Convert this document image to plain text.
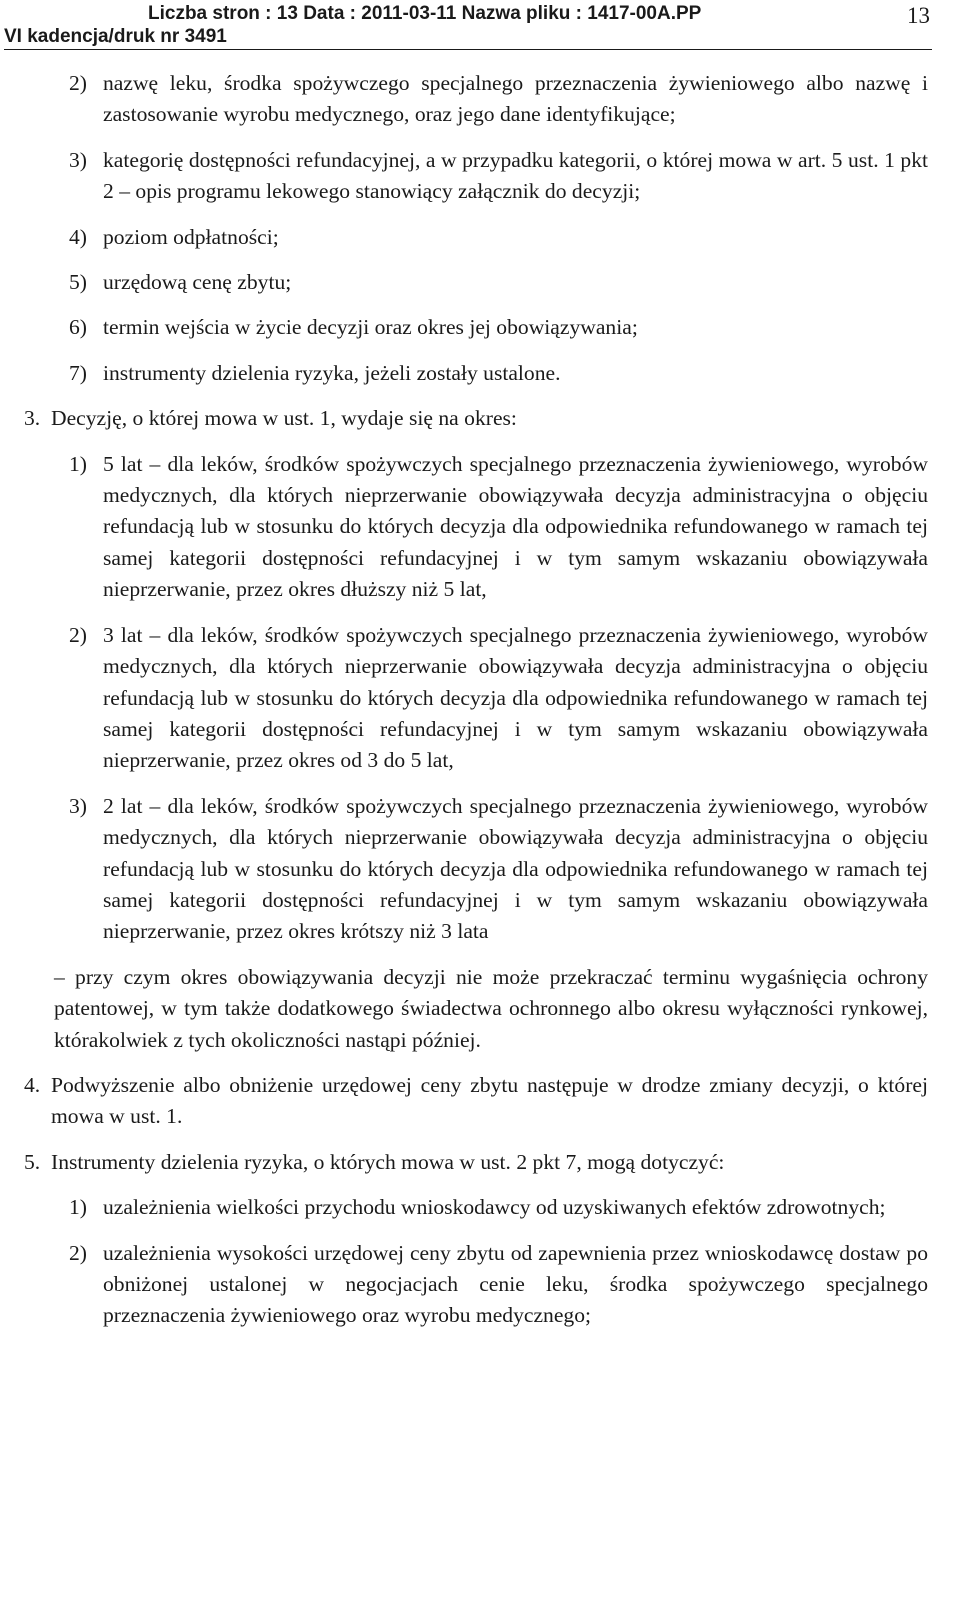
Liczba stron : 13 Data : 2011-03-11 Nazwa pliku : 1417-00A.PP
VI kadencja/druk nr 3491
13
2) nazwę leku, środka spożywczego specjalnego przeznaczenia żywieniowego albo nazwę i zastosowanie wyrobu medycznego, oraz jego dane identyfikujące;
3) kategorię dostępności refundacyjnej, a w przypadku kategorii, o której mowa w art. 5 ust. 1 pkt 2 – opis programu lekowego stanowiący załącznik do decyzji;
4) poziom odpłatności;
5) urzędową cenę zbytu;
6) termin wejścia w życie decyzji oraz okres jej obowiązywania;
7) instrumenty dzielenia ryzyka, jeżeli zostały ustalone.
3. Decyzję, o której mowa w ust. 1, wydaje się na okres:
1) 5 lat – dla leków, środków spożywczych specjalnego przeznaczenia żywieniowego, wyrobów medycznych, dla których nieprzerwanie obowiązywała decyzja administracyjna o objęciu refundacją lub w stosunku do których decyzja dla odpowiednika refundowanego w ramach tej samej kategorii dostępności refundacyjnej i w tym samym wskazaniu obowiązywała nieprzerwanie, przez okres dłuższy niż 5 lat,
2) 3 lat – dla leków, środków spożywczych specjalnego przeznaczenia żywieniowego, wyrobów medycznych, dla których nieprzerwanie obowiązywała decyzja administracyjna o objęciu refundacją lub w stosunku do których decyzja dla odpowiednika refundowanego w ramach tej samej kategorii dostępności refundacyjnej i w tym samym wskazaniu obowiązywała nieprzerwanie, przez okres od 3 do 5 lat,
3) 2 lat – dla leków, środków spożywczych specjalnego przeznaczenia żywieniowego, wyrobów medycznych, dla których nieprzerwanie obowiązywała decyzja administracyjna o objęciu refundacją lub w stosunku do których decyzja dla odpowiednika refundowanego w ramach tej samej kategorii dostępności refundacyjnej i w tym samym wskazaniu obowiązywała nieprzerwanie, przez okres krótszy niż 3 lata
– przy czym okres obowiązywania decyzji nie może przekraczać terminu wygaśnięcia ochrony patentowej, w tym także dodatkowego świadectwa ochronnego albo okresu wyłączności rynkowej, którakolwiek z tych okoliczności nastąpi później.
4. Podwyższenie albo obniżenie urzędowej ceny zbytu następuje w drodze zmiany decyzji, o której mowa w ust. 1.
5. Instrumenty dzielenia ryzyka, o których mowa w ust. 2 pkt 7, mogą dotyczyć:
1) uzależnienia wielkości przychodu wnioskodawcy od uzyskiwanych efektów zdrowotnych;
2) uzależnienia wysokości urzędowej ceny zbytu od zapewnienia przez wnioskodawcę dostaw po obniżonej ustalonej w negocjacjach cenie leku, środka spożywczego specjalnego przeznaczenia żywieniowego oraz wyrobu medycznego;
